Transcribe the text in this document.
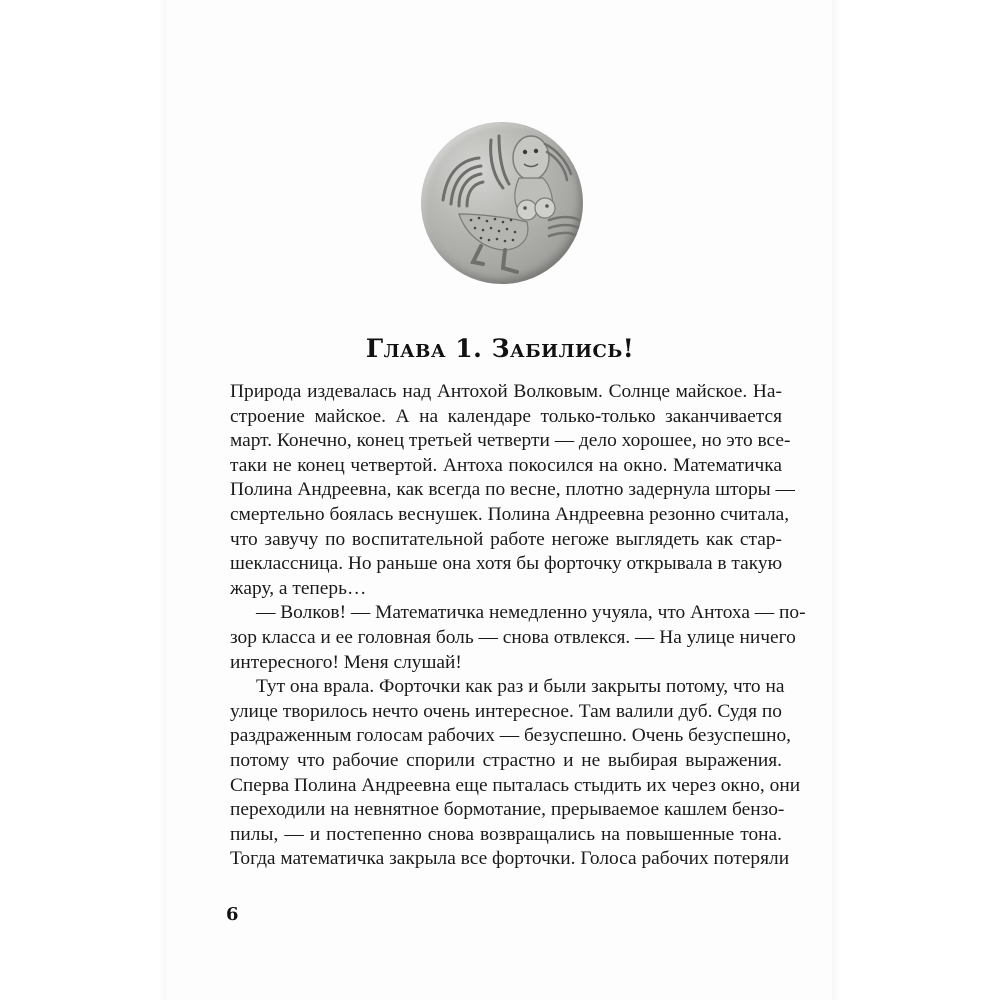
Глава 1. Забились!
Природа издевалась над Антохой Волковым. Солнце майское. На-
строение майское. А на календаре только-только заканчивается
март. Конечно, конец третьей четверти — дело хорошее, но это все-
таки не конец четвертой. Антоха покосился на окно. Математичка
Полина Андреевна, как всегда по весне, плотно задернула шторы —
смертельно боялась веснушек. Полина Андреевна резонно считала,
что завучу по воспитательной работе негоже выглядеть как стар-
шеклассница. Но раньше она хотя бы форточку открывала в такую
жару, а теперь…
— Волков! — Математичка немедленно учуяла, что Антоха — по-
зор класса и ее головная боль — снова отвлекся. — На улице ничего
интересного! Меня слушай!
Тут она врала. Форточки как раз и были закрыты потому, что на
улице творилось нечто очень интересное. Там валили дуб. Судя по
раздраженным голосам рабочих — безуспешно. Очень безуспешно,
потому что рабочие спорили страстно и не выбирая выражения.
Сперва Полина Андреевна еще пыталась стыдить их через окно, они
переходили на невнятное бормотание, прерываемое кашлем бензо-
пилы, — и постепенно снова возвращались на повышенные тона.
Тогда математичка закрыла все форточки. Голоса рабочих потеряли
6
